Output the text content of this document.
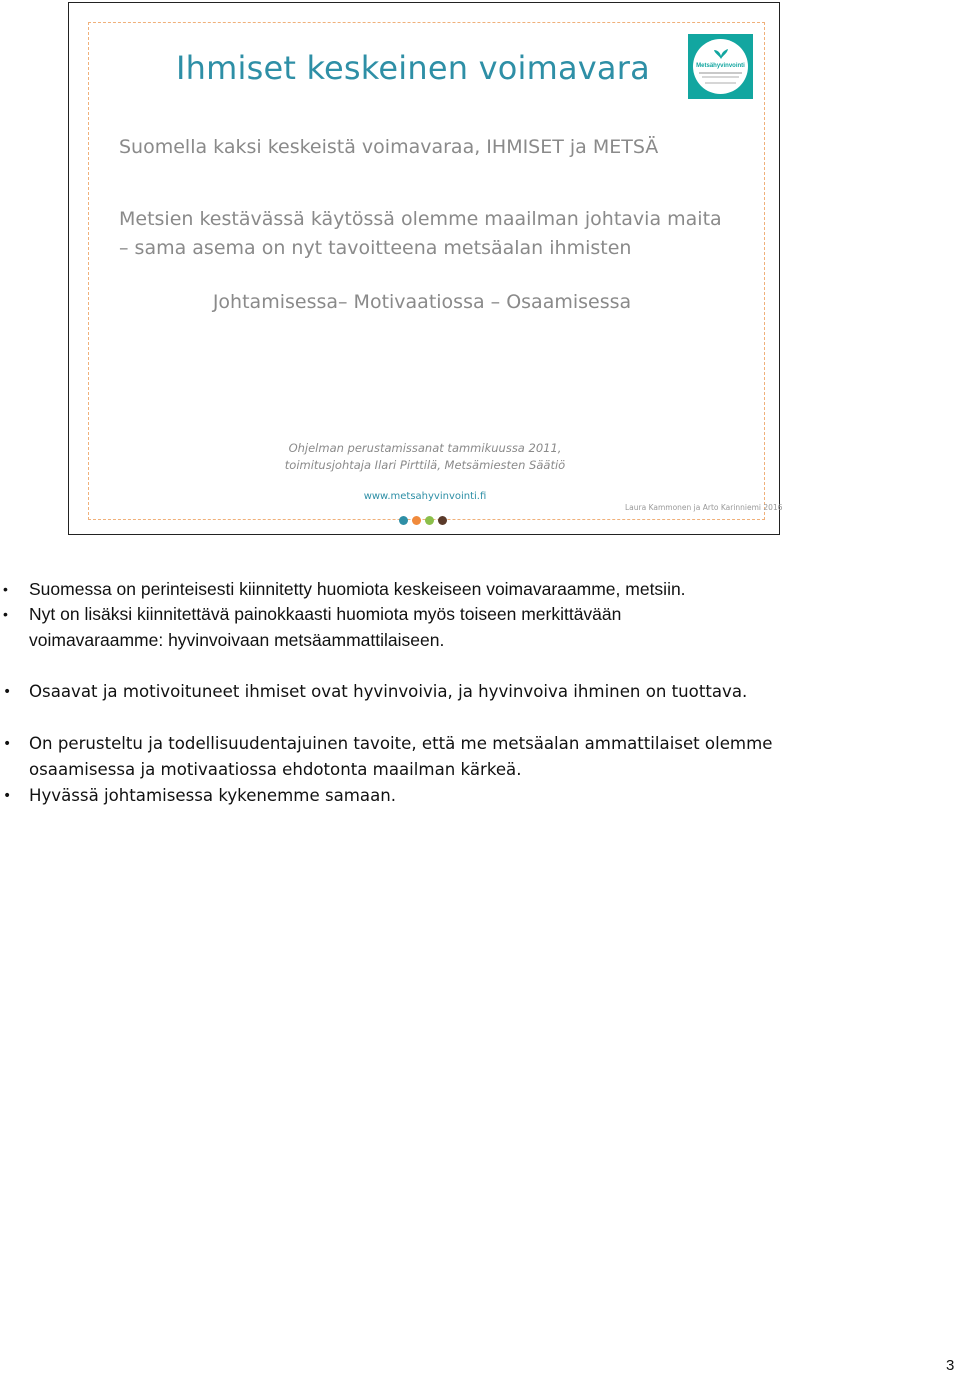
Ihmiset keskeinen voimavara	Metsähyvinvointi
Suomella kaksi keskeistä voimavaraa, IHMISET ja METSÄ
Metsien kestävässä käytössä olemme maailman johtavia maita
– sama asema on nyt tavoitteena metsäalan ihmisten
Johtamisessa– Motivaatiossa – Osaamisessa
Ohjelman perustamissanat tammikuussa 2011,
toimitusjohtaja Ilari Pirttilä, Metsämiesten Säätiö
www.metsahyvinvointi.fi
Laura Kammonen ja Arto Karinniemi 2016
• Suomessa on perinteisesti kiinnitetty huomiota keskeiseen voimavaraamme, metsiin.
• Nyt on lisäksi kiinnitettävä painokkaasti huomiota myös toiseen merkittävään
voimavaraamme: hyvinvoivaan metsäammattilaiseen.
• Osaavat ja motivoituneet ihmiset ovat hyvinvoivia, ja hyvinvoiva ihminen on tuottava.
• On perusteltu ja todellisuudentajuinen tavoite, että me metsäalan ammattilaiset olemme
osaamisessa ja motivaatiossa ehdotonta maailman kärkeä.
• Hyvässä johtamisessa kykenemme samaan.
3
